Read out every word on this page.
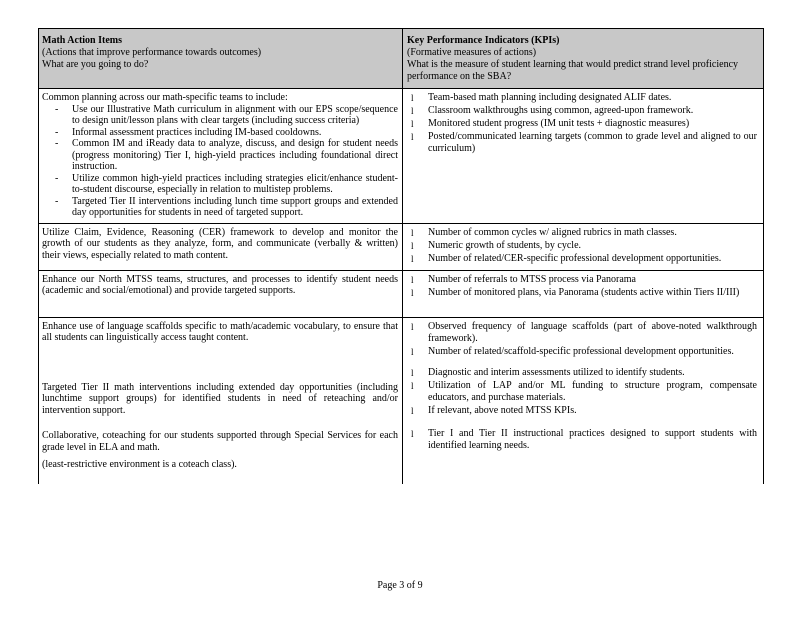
Math Action Items
(Actions that improve performance towards outcomes)
What are you going to do?
Key Performance Indicators (KPIs)
(Formative measures of actions)
What is the measure of student learning that would predict strand level proficiency performance on the SBA?
Common planning across our math-specific teams to include:
- Use our Illustrative Math curriculum in alignment with our EPS scope/sequence to design unit/lesson plans with clear targets (including success criteria)
- Informal assessment practices including IM-based cooldowns.
- Common IM and iReady data to analyze, discuss, and design for student needs (progress monitoring) Tier I, high-yield practices including foundational direct instruction.
- Utilize common high-yield practices including strategies elicit/enhance student-to-student discourse, especially in relation to multistep problems.
- Targeted Tier II interventions including lunch time support groups and extended day opportunities for students in need of targeted support.
l Team-based math planning including designated ALIF dates.
l Classroom walkthroughs using common, agreed-upon framework.
l Monitored student progress (IM unit tests + diagnostic measures)
l Posted/communicated learning targets (common to grade level and aligned to our curriculum)
Utilize Claim, Evidence, Reasoning (CER) framework to develop and monitor the growth of our students as they analyze, form, and communicate (verbally & written) their views, especially related to math content.
l Number of common cycles w/ aligned rubrics in math classes.
l Numeric growth of students, by cycle.
l Number of related/CER-specific professional development opportunities.
Enhance our North MTSS teams, structures, and processes to identify student needs (academic and social/emotional) and provide targeted supports.
l Number of referrals to MTSS process via Panorama
l Number of monitored plans, via Panorama (students active within Tiers II/III)
Enhance use of language scaffolds specific to math/academic vocabulary, to ensure that all students can linguistically access taught content.
Targeted Tier II math interventions including extended day opportunities (including lunchtime support groups) for identified students in need of reteaching and/or intervention support.
Collaborative, coteaching for our students supported through Special Services for each grade level in ELA and math.
(least-restrictive environment is a coteach class).
l Observed frequency of language scaffolds (part of above-noted walkthrough framework).
l Number of related/scaffold-specific professional development opportunities.
l Diagnostic and interim assessments utilized to identify students.
l Utilization of LAP and/or ML funding to structure program, compensate educators, and purchase materials.
l If relevant, above noted MTSS KPIs.
l Tier I and Tier II instructional practices designed to support students with identified learning needs.
Page 3 of 9
